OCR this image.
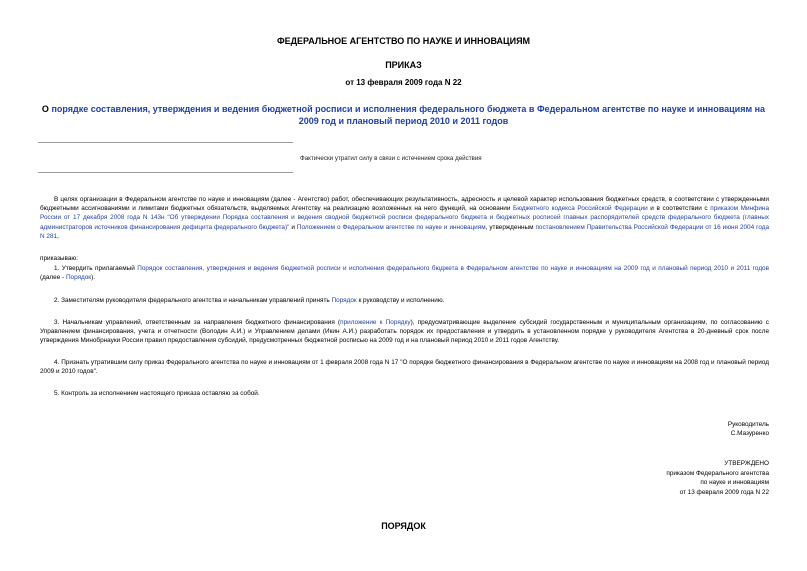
ФЕДЕРАЛЬНОЕ АГЕНТСТВО ПО НАУКЕ И ИННОВАЦИЯМ
ПРИКАЗ
от 13 февраля 2009 года N 22
О порядке составления, утверждения и ведения бюджетной росписи и исполнения федерального бюджета в Федеральном агентстве по науке и инновациям на 2009 год и плановый период 2010 и 2011 годов
Фактически утратил силу в связи с истечением срока действия
В целях организации в Федеральном агентстве по науке и инновациям (далее - Агентство) работ, обеспечивающих результативность, адресность и целевой характер использования бюджетных средств, в соответствии с утвержденными бюджетными ассигнованиями и лимитами бюджетных обязательств, выделяемых Агентству на реализацию возложенных на него функций, на основании Бюджетного кодекса Российской Федерации и в соответствии с приказом Минфина России от 17 декабря 2008 года N 143н "Об утверждении Порядка составления и ведения сводной бюджетной росписи федерального бюджета и бюджетных росписей главных распорядителей средств федерального бюджета (главных администраторов источников финансирования дефицита федерального бюджета)" и Положением о Федеральном агентстве по науке и инновациям, утвержденным постановлением Правительства Российской Федерации от 16 июня 2004 года N 281,
приказываю:
1. Утвердить прилагаемый Порядок составления, утверждения и ведения бюджетной росписи и исполнения федерального бюджета в Федеральном агентстве по науке и инновациям на 2009 год и плановый период 2010 и 2011 годов (далее - Порядок).
2. Заместителям руководителя федерального агентства и начальникам управлений принять Порядок к руководству и исполнению.
3. Начальникам управлений, ответственным за направления бюджетного финансирования (приложение к Порядку), предусматривающие выделение субсидий государственным и муниципальным организациям, по согласованию с Управлением финансирования, учета и отчетности (Володин А.И.) и Управлением делами (Икин А.И.) разработать порядок их предоставления и утвердить в установленном порядке у руководителя Агентства в 20-дневный срок после утверждения Минобрнауки России правил предоставления субсидий, предусмотренных бюджетной росписью на 2009 год и на плановый период 2010 и 2011 годов Агентству.
4. Признать утратившим силу приказ Федерального агентства по науке и инновациям от 1 февраля 2008 года N 17 "О порядке бюджетного финансирования в Федеральном агентстве по науке и инновациям на 2008 год и плановый период 2009 и 2010 годов".
5. Контроль за исполнением настоящего приказа оставляю за собой.
Руководитель
С.Мазуренко
УТВЕРЖДЕНО
приказом Федерального агентства
по науке и инновациям
от 13 февраля 2009 года N 22
ПОРЯДОК
